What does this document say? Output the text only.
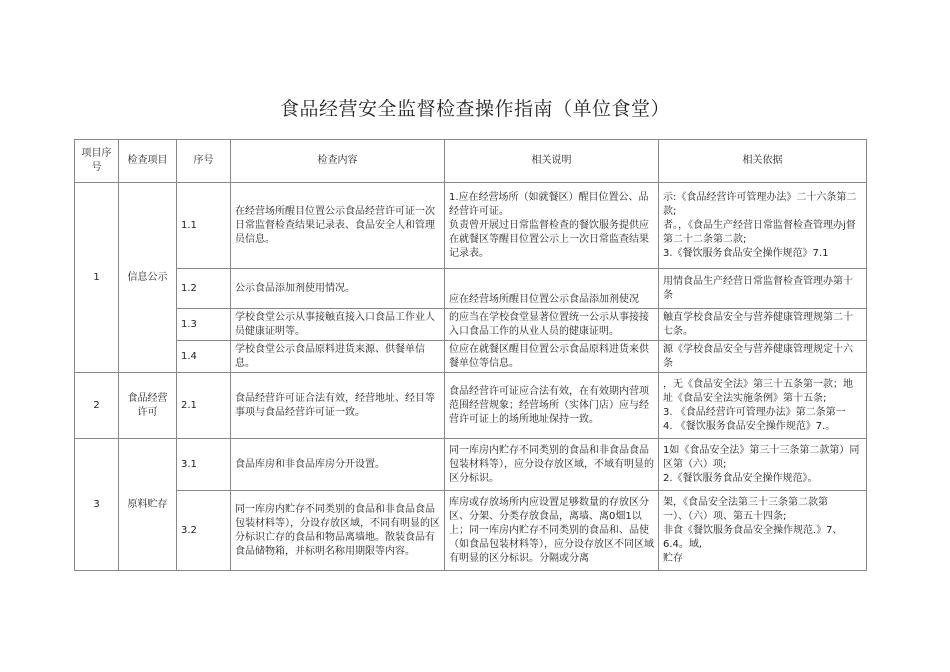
食品经营安全监督检查操作指南（单位食堂）
项目序号	检查项目	序号	检查内容	相关说明	相关依据
1	信息公示	1.1	在经营场所醒目位置公示食品经营许可证一次日常监督检查结果记录表、食品安全人和管理员信息。	1.应在经营场所（如就餐区）醒目位置公、品经营许可证。
负责曾开展过日常监督检查的餐饮服务提供应在就餐区等醒目位置公示上一次日常监查结果记录表。	示:《食品经营许可管理办法》二十六条第二款;
者。，《食品生产经营日常监督检查管理办j督第二十二条第二款;
3.《餐饮服务食品安全操作规范》7.1

		1.2	公示食品添加剂使用情况。	应在经营场所醒目位置公示食品添加剂使况	用情食品生产经营日常监督检查管理办第十条

		1.3	学校食堂公示从事接触直接入口食品工作业人员健康证明等。	的应当在学校食堂显著位置统一公示从事接接入口食品工作的从业人员的健康证明。	触直学校食品安全与营养健康管理规第二十七条。

		1.4	学校食堂公示食品原料进货来源、供餐单信息。	位应在就餐区醒目位置公示食品原料进货来供餐单位等信息。	源《学校食品安全与营养健康管理规定十六条

2	食品经营许可	2.1	食品经营许可证合法有效，经营地址、经目等事项与食品经营许可证一致。	食品经营许可证应合法有效，在有效期内营项范围经营规象；经营场所（实体门店）应与经营许可证上的场所地址保持一致。	，无《食品安全法》第三十五条第一款；地址《食品安全法实施条例》第十五条;
3. 《食品经营许可管理办法》第二条第一
4. 《餐饮服务食品安全操作规范》7.。

3	原料贮存	3.1	食品库房和非食品库房分开设置。	同一库房内贮存不同类别的食品和非食品食品包装材料等），应分设存放区域，不域有明显的区分标识。	1如《食品安全法》第三十三条第二款第）同区第（六）项;
2.《餐饮服务食品安全操作规范》。

		3.2	同一库房内贮存不同类别的食品和非食品食品包装材料等），分设存放区域，不同有明显的区分标识亡存的食品和物品离墙地。散装食品有食品储物箱，并标明名称用期限等内容。	库房或存放场所内应设置足够数量的存放区分区、分架、分类存放食品，离墙、离0畑1以上；同一库房内贮存不同类别的食品和、品使（如食品包装材料等），应分设存放区不同区域有明显的区分标识。分隔或分离	架，《食品安全法第三十三条第二款第
一）、（六）项、第五十四条;
非食《餐饮服务食品安全操作规范.》7、6.4。域,
贮存
